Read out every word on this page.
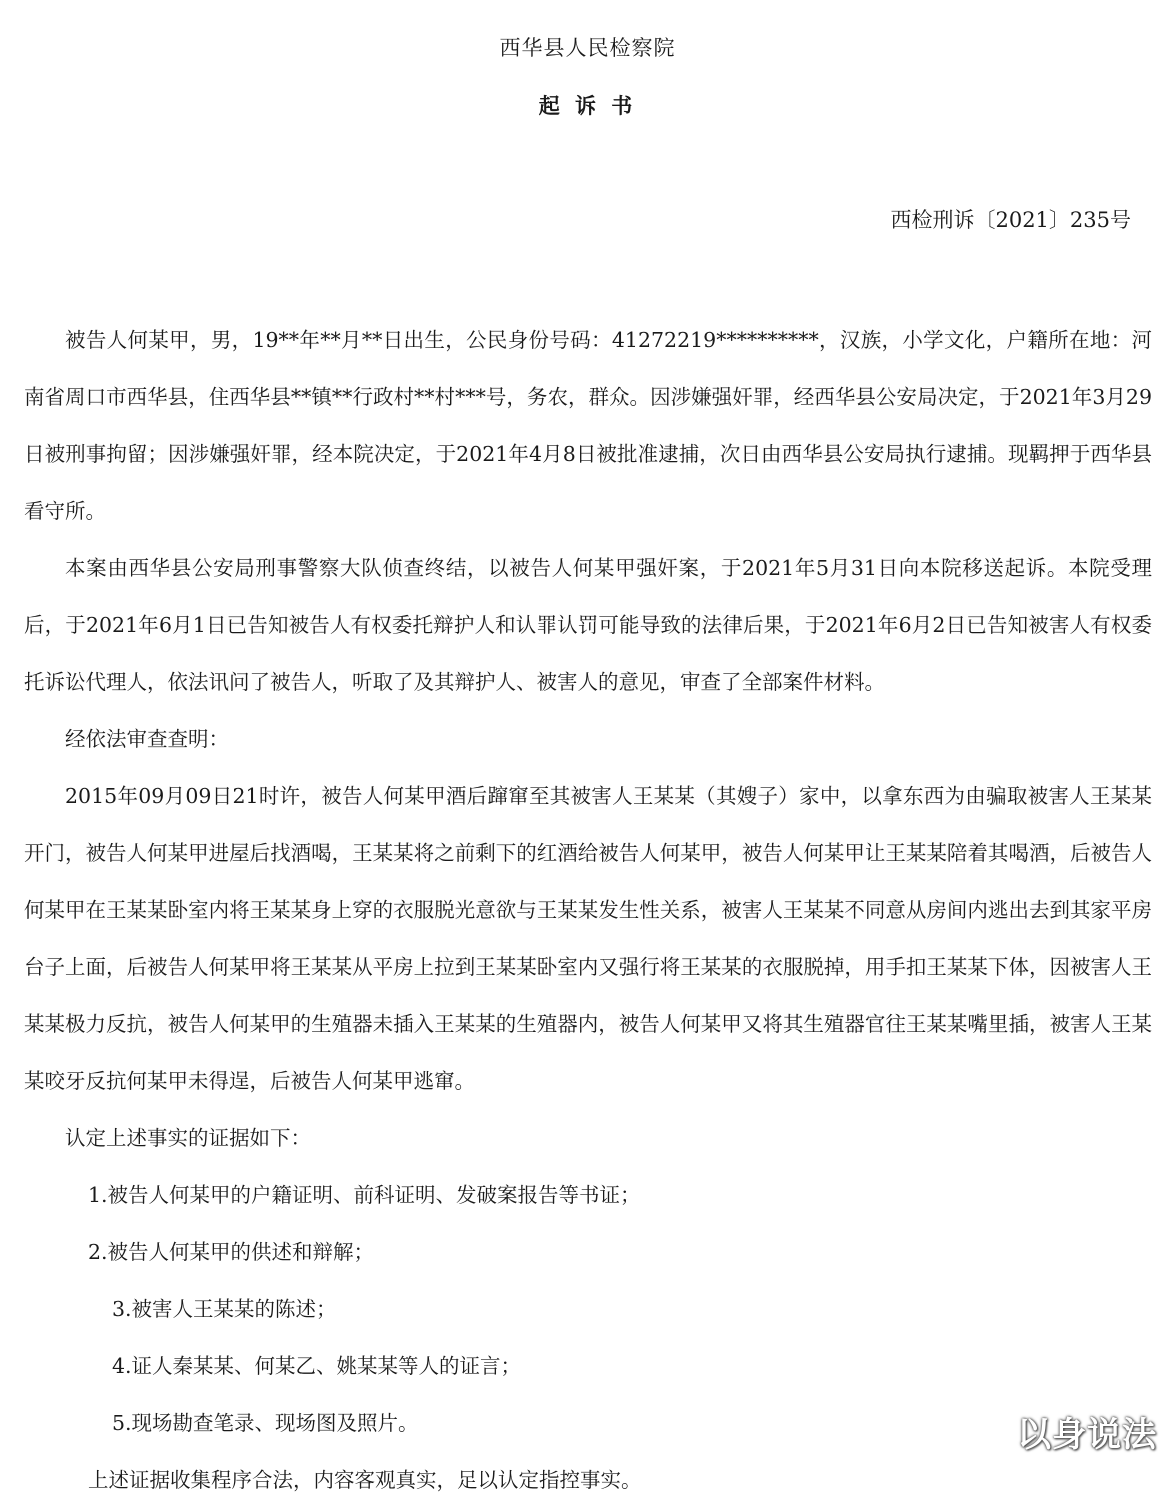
西华县人民检察院
起 诉 书
西检刑诉〔2021〕235号

被告人何某甲，男，19**年**月**日出生，公民身份号码：41272219**********，汉族，小学文化，户籍所在地：河南省周口市西华县，住西华县**镇**行政村**村***号，务农，群众。因涉嫌强奸罪，经西华县公安局决定，于2021年3月29日被刑事拘留；因涉嫌强奸罪，经本院决定，于2021年4月8日被批准逮捕，次日由西华县公安局执行逮捕。现羁押于西华县看守所。

本案由西华县公安局刑事警察大队侦查终结，以被告人何某甲强奸案，于2021年5月31日向本院移送起诉。本院受理后，于2021年6月1日已告知被告人有权委托辩护人和认罪认罚可能导致的法律后果，于2021年6月2日已告知被害人有权委托诉讼代理人，依法讯问了被告人，听取了及其辩护人、被害人的意见，审查了全部案件材料。

经依法审查查明：

2015年09月09日21时许，被告人何某甲酒后蹿窜至其被害人王某某（其嫂子）家中，以拿东西为由骗取被害人王某某开门，被告人何某甲进屋后找酒喝，王某某将之前剩下的红酒给被告人何某甲，被告人何某甲让王某某陪着其喝酒，后被告人何某甲在王某某卧室内将王某某身上穿的衣服脱光意欲与王某某发生性关系，被害人王某某不同意从房间内逃出去到其家平房台子上面，后被告人何某甲将王某某从平房上拉到王某某卧室内又强行将王某某的衣服脱掉，用手扣王某某下体，因被害人王某某极力反抗，被告人何某甲的生殖器未插入王某某的生殖器内，被告人何某甲又将其生殖器官往王某某嘴里插，被害人王某某咬牙反抗何某甲未得逞，后被告人何某甲逃窜。

认定上述事实的证据如下：

1.被告人何某甲的户籍证明、前科证明、发破案报告等书证；

2.被告人何某甲的供述和辩解；

3.被害人王某某的陈述；

4.证人秦某某、何某乙、姚某某等人的证言；

5.现场勘查笔录、现场图及照片。

上述证据收集程序合法，内容客观真实，足以认定指控事实。

以身说法
